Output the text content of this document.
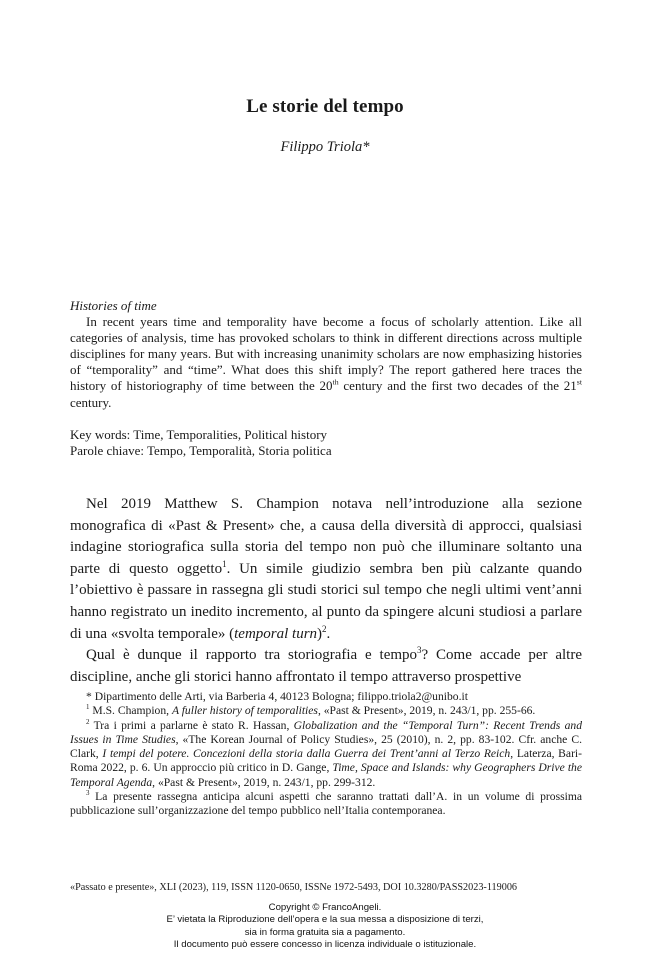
Le storie del tempo
Filippo Triola*
Histories of time
In recent years time and temporality have become a focus of scholarly attention. Like all categories of analysis, time has provoked scholars to think in different directions across multiple disciplines for many years. But with increasing unanimity scholars are now emphasizing histories of “temporality” and “time”. What does this shift imply? The report gathered here traces the history of historiography of time between the 20th century and the first two decades of the 21st century.
Key words: Time, Temporalities, Political history
Parole chiave: Tempo, Temporalità, Storia politica

Nel 2019 Matthew S. Champion notava nell’introduzione alla sezione monografica di «Past & Present» che, a causa della diversità di approcci, qualsiasi indagine storiografica sulla storia del tempo non può che illuminare soltanto una parte di questo oggetto$^1$. Un simile giudizio sembra ben più calzante quando l’obiettivo è passare in rassegna gli studi storici sul tempo che negli ultimi vent’anni hanno registrato un inedito incremento, al punto da spingere alcuni studiosi a parlare di una «svolta temporale» (temporal turn)$^2$.

Qual è dunque il rapporto tra storiografia e tempo$^3$? Come accade per altre discipline, anche gli storici hanno affrontato il tempo attraverso prospettive

* Dipartimento delle Arti, via Barberia 4, 40123 Bologna; filippo.triola2@unibo.it

$^1$ M.S. Champion, A fuller history of temporalities, «Past & Present», 2019, n. 243/1, pp. 255-66.

$^2$ Tra i primi a parlarne è stato R. Hassan, Globalization and the “Temporal Turn”: Recent Trends and Issues in Time Studies, «The Korean Journal of Policy Studies», 25 (2010), n. 2, pp. 83-102. Cfr. anche C. Clark, I tempi del potere. Concezioni della storia dalla Guerra dei Trent’anni al Terzo Reich, Laterza, Bari-Roma 2022, p. 6. Un approccio più critico in D. Gange, Time, Space and Islands: why Geographers Drive the Temporal Agenda, «Past & Present», 2019, n. 243/1, pp. 299-312.

$^3$ La presente rassegna anticipa alcuni aspetti che saranno trattati dall’A. in un volume di prossima pubblicazione sull’organizzazione del tempo pubblico nell’Italia contemporanea.

«Passato e presente», XLI (2023), 119, ISSN 1120-0650, ISSNe 1972-5493, DOI 10.3280/PASS2023-119006
Copyright © FrancoAngeli.
E’ vietata la Riproduzione dell’opera e la sua messa a disposizione di terzi,
sia in forma gratuita sia a pagamento.
Il documento può essere concesso in licenza individuale o istituzionale.
